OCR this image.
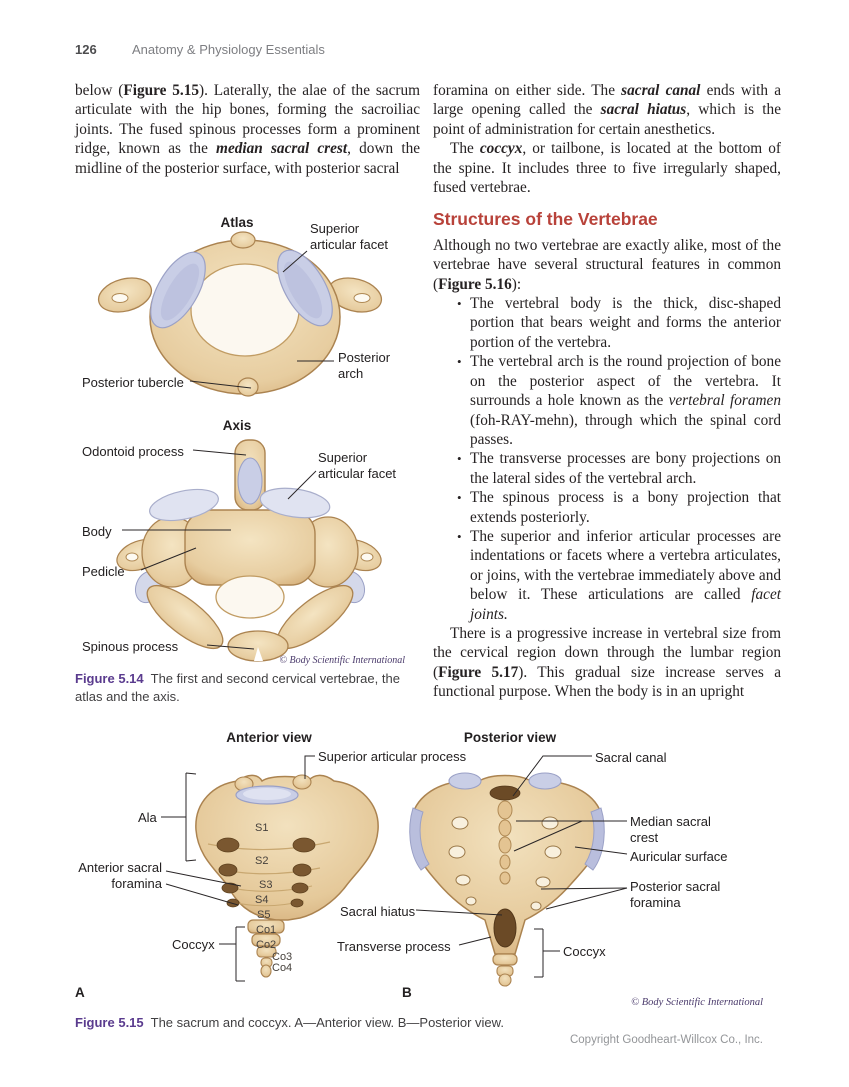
126	Anatomy & Physiology Essentials

below (Figure 5.15). Laterally, the alae of the sacrum articulate with the hip bones, forming the sacroiliac joints. The fused spinous processes form a prominent ridge, known as the median sacral crest, down the midline of the posterior surface, with posterior sacral

foramina on either side. The sacral canal ends with a large opening called the sacral hiatus, which is the point of administration for certain anesthetics.

The coccyx, or tailbone, is located at the bottom of the spine. It includes three to five irregularly shaped, fused vertebrae.

Structures of the Vertebrae

Although no two vertebrae are exactly alike, most of the vertebrae have several structural features in common (Figure 5.16):

• The vertebral body is the thick, disc-shaped portion that bears weight and forms the anterior portion of the vertebra.
• The vertebral arch is the round projection of bone on the posterior aspect of the vertebra. It surrounds a hole known as the vertebral foramen (foh-RAY-mehn), through which the spinal cord passes.
• The transverse processes are bony projections on the lateral sides of the vertebral arch.
• The spinous process is a bony projection that extends posteriorly.
• The superior and inferior articular processes are indentations or facets where a vertebra articulates, or joins, with the vertebrae immediately above and below it. These articulations are called facet joints.

There is a progressive increase in vertebral size from the cervical region down through the lumbar region (Figure 5.17). This gradual size increase serves a functional purpose. When the body is in an upright

Atlas
Axis
Superior articular facet
Posterior arch
Posterior tubercle
Odontoid process	Superior articular facet
Body
Pedicle
Spinous process
© Body Scientific International
Figure 5.14 The first and second cervical vertebrae, the atlas and the axis.
Anterior view	Posterior view
Superior articular process
Ala
Anterior sacral foramina
Coccyx
Sacral hiatus
Transverse process
Sacral canal
Median sacral crest
Auricular surface
Posterior sacral foramina
Coccyx
S1
S2
S3
S4
S5
Co1
Co2
Co3
Co4
A	B
© Body Scientific International
Figure 5.15 The sacrum and coccyx. A—Anterior view. B—Posterior view.
Copyright Goodheart-Willcox Co., Inc.
